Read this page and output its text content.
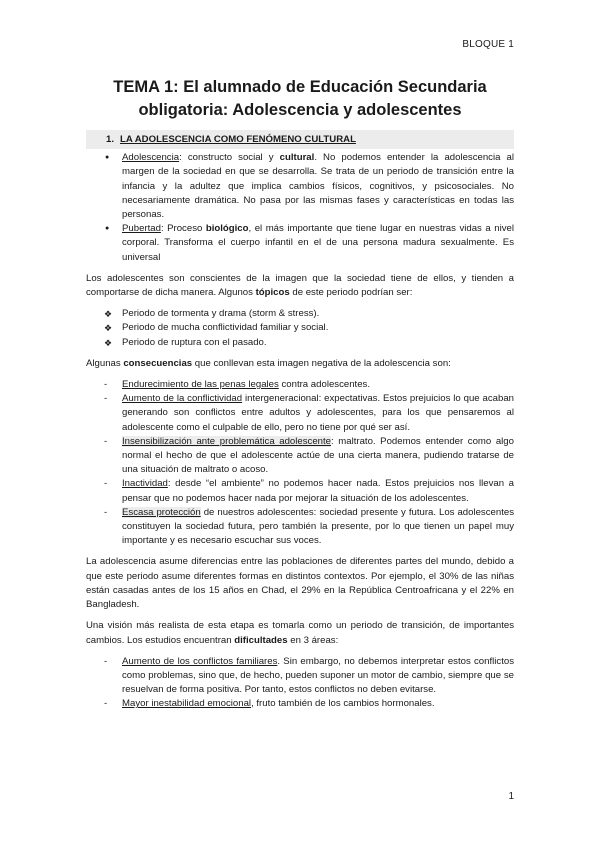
BLOQUE 1
TEMA 1: El alumnado de Educación Secundaria
obligatoria: Adolescencia y adolescentes
1. LA ADOLESCENCIA COMO FENÓMENO CULTURAL
● Adolescencia: constructo social y cultural. No podemos entender la adolescencia al margen de la sociedad en que se desarrolla. Se trata de un periodo de transición entre la infancia y la adultez que implica cambios físicos, cognitivos, y psicosociales. No necesariamente dramática. No pasa por las mismas fases y características en todas las personas.
● Pubertad: Proceso biológico, el más importante que tiene lugar en nuestras vidas a nivel corporal. Transforma el cuerpo infantil en el de una persona madura sexualmente. Es universal

Los adolescentes son conscientes de la imagen que la sociedad tiene de ellos, y tienden a comportarse de dicha manera. Algunos tópicos de este periodo podrían ser:

❖ Periodo de tormenta y drama (storm & stress).
❖ Periodo de mucha conflictividad familiar y social.
❖ Periodo de ruptura con el pasado.

Algunas consecuencias que conllevan esta imagen negativa de la adolescencia son:

- Endurecimiento de las penas legales contra adolescentes.
- Aumento de la conflictividad intergeneracional: expectativas. Estos prejuicios lo que acaban generando son conflictos entre adultos y adolescentes, para los que pensaremos al adolescente como el culpable de ello, pero no tiene por qué ser así.
- Insensibilización ante problemática adolescente: maltrato. Podemos entender como algo normal el hecho de que el adolescente actúe de una cierta manera, pudiendo tratarse de una situación de maltrato o acoso.
- Inactividad: desde “el ambiente” no podemos hacer nada. Estos prejuicios nos llevan a pensar que no podemos hacer nada por mejorar la situación de los adolescentes.
- Escasa protección de nuestros adolescentes: sociedad presente y futura. Los adolescentes constituyen la sociedad futura, pero también la presente, por lo que tienen un papel muy importante y es necesario escuchar sus voces.

La adolescencia asume diferencias entre las poblaciones de diferentes partes del mundo, debido a que este periodo asume diferentes formas en distintos contextos. Por ejemplo, el 30% de las niñas están casadas antes de los 15 años en Chad, el 29% en la República Centroafricana y el 22% en Bangladesh.

Una visión más realista de esta etapa es tomarla como un periodo de transición, de importantes cambios. Los estudios encuentran dificultades en 3 áreas:

- Aumento de los conflictos familiares. Sin embargo, no debemos interpretar estos conflictos como problemas, sino que, de hecho, pueden suponer un motor de cambio, siempre que se resuelvan de forma positiva. Por tanto, estos conflictos no deben evitarse.
- Mayor inestabilidad emocional, fruto también de los cambios hormonales.
1
